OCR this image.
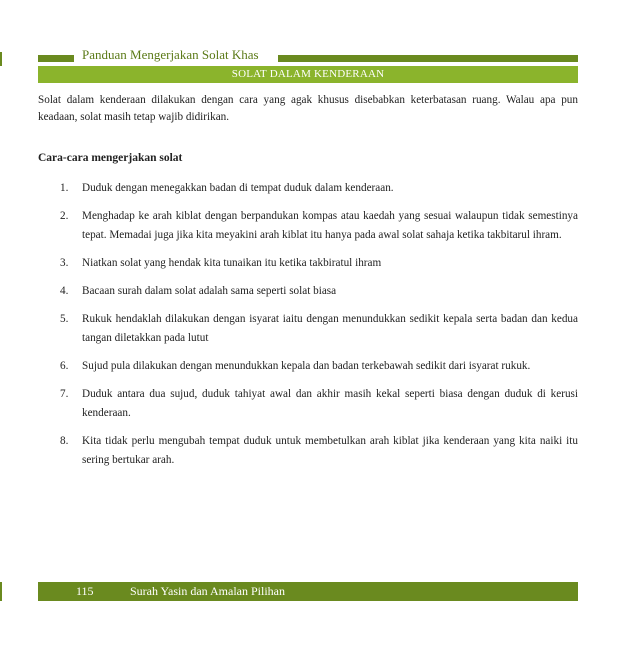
Panduan Mengerjakan Solat Khas
SOLAT DALAM KENDERAAN
Solat dalam kenderaan dilakukan dengan cara yang agak khusus disebabkan keterbatasan ruang. Walau apa pun keadaan, solat masih tetap wajib didirikan.
Cara-cara mengerjakan solat
1. Duduk dengan menegakkan badan di tempat duduk dalam kenderaan.
2. Menghadap ke arah kiblat dengan berpandukan kompas atau kaedah yang sesuai walaupun tidak semestinya tepat. Memadai juga jika kita meyakini arah kiblat itu hanya pada awal solat sahaja ketika takbitarul ihram.
3. Niatkan solat yang hendak kita tunaikan itu ketika takbiratul ihram
4. Bacaan surah dalam solat adalah sama seperti solat biasa
5. Rukuk hendaklah dilakukan dengan isyarat iaitu dengan menundukkan sedikit kepala serta badan dan kedua tangan diletakkan pada lutut
6. Sujud pula dilakukan dengan menundukkan kepala dan badan terkebawah sedikit dari isyarat rukuk.
7. Duduk antara dua sujud, duduk tahiyat awal dan akhir masih kekal seperti biasa dengan duduk di kerusi kenderaan.
8. Kita tidak perlu mengubah tempat duduk untuk membetulkan arah kiblat jika kenderaan yang kita naiki itu sering bertukar arah.
115	Surah Yasin dan Amalan Pilihan
